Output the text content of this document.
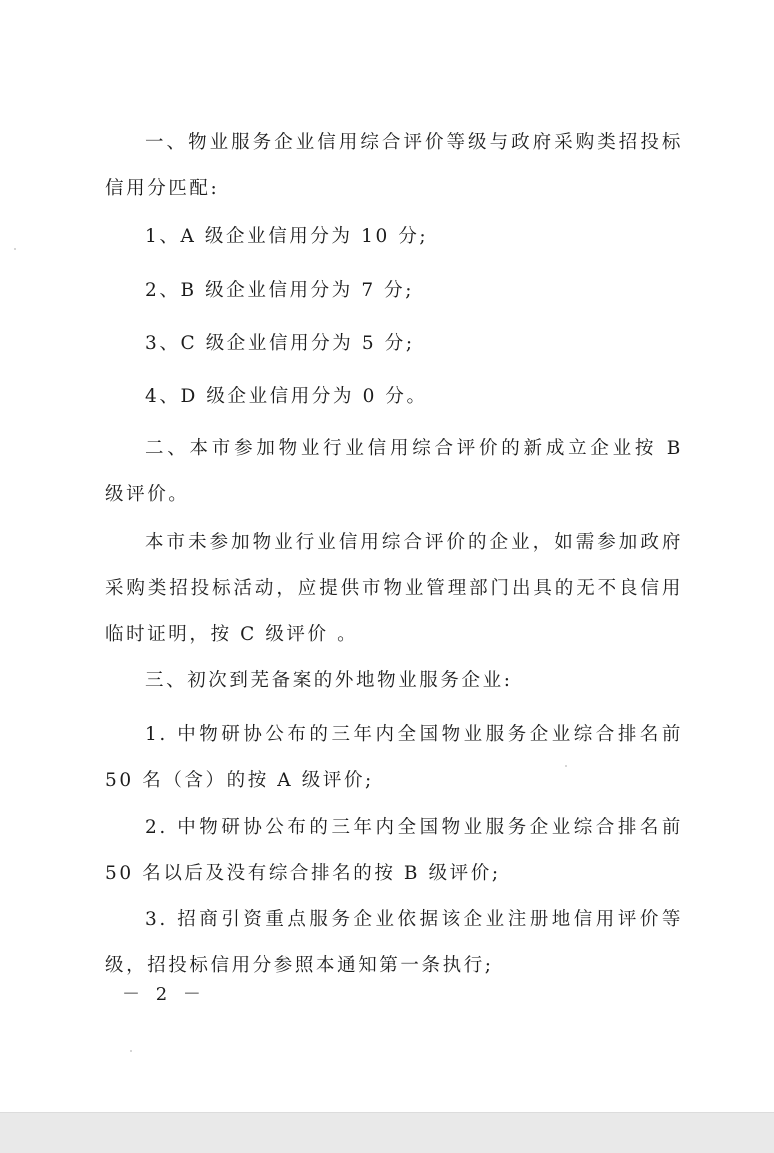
一、物业服务企业信用综合评价等级与政府采购类招投标信用分匹配:

1、A 级企业信用分为 10 分;

2、B 级企业信用分为 7 分;

3、C 级企业信用分为 5 分;

4、D 级企业信用分为 0 分。

二、本市参加物业行业信用综合评价的新成立企业按 B 级评价。

本市未参加物业行业信用综合评价的企业，如需参加政府采购类招投标活动，应提供市物业管理部门出具的无不良信用临时证明，按 C 级评价 。

三、初次到芜备案的外地物业服务企业:

1. 中物研协公布的三年内全国物业服务企业综合排名前 50 名（含）的按 A 级评价;

2. 中物研协公布的三年内全国物业服务企业综合排名前 50 名以后及没有综合排名的按 B 级评价;

3. 招商引资重点服务企业依据该企业注册地信用评价等级，招投标信用分参照本通知第一条执行;

－ 2 －
